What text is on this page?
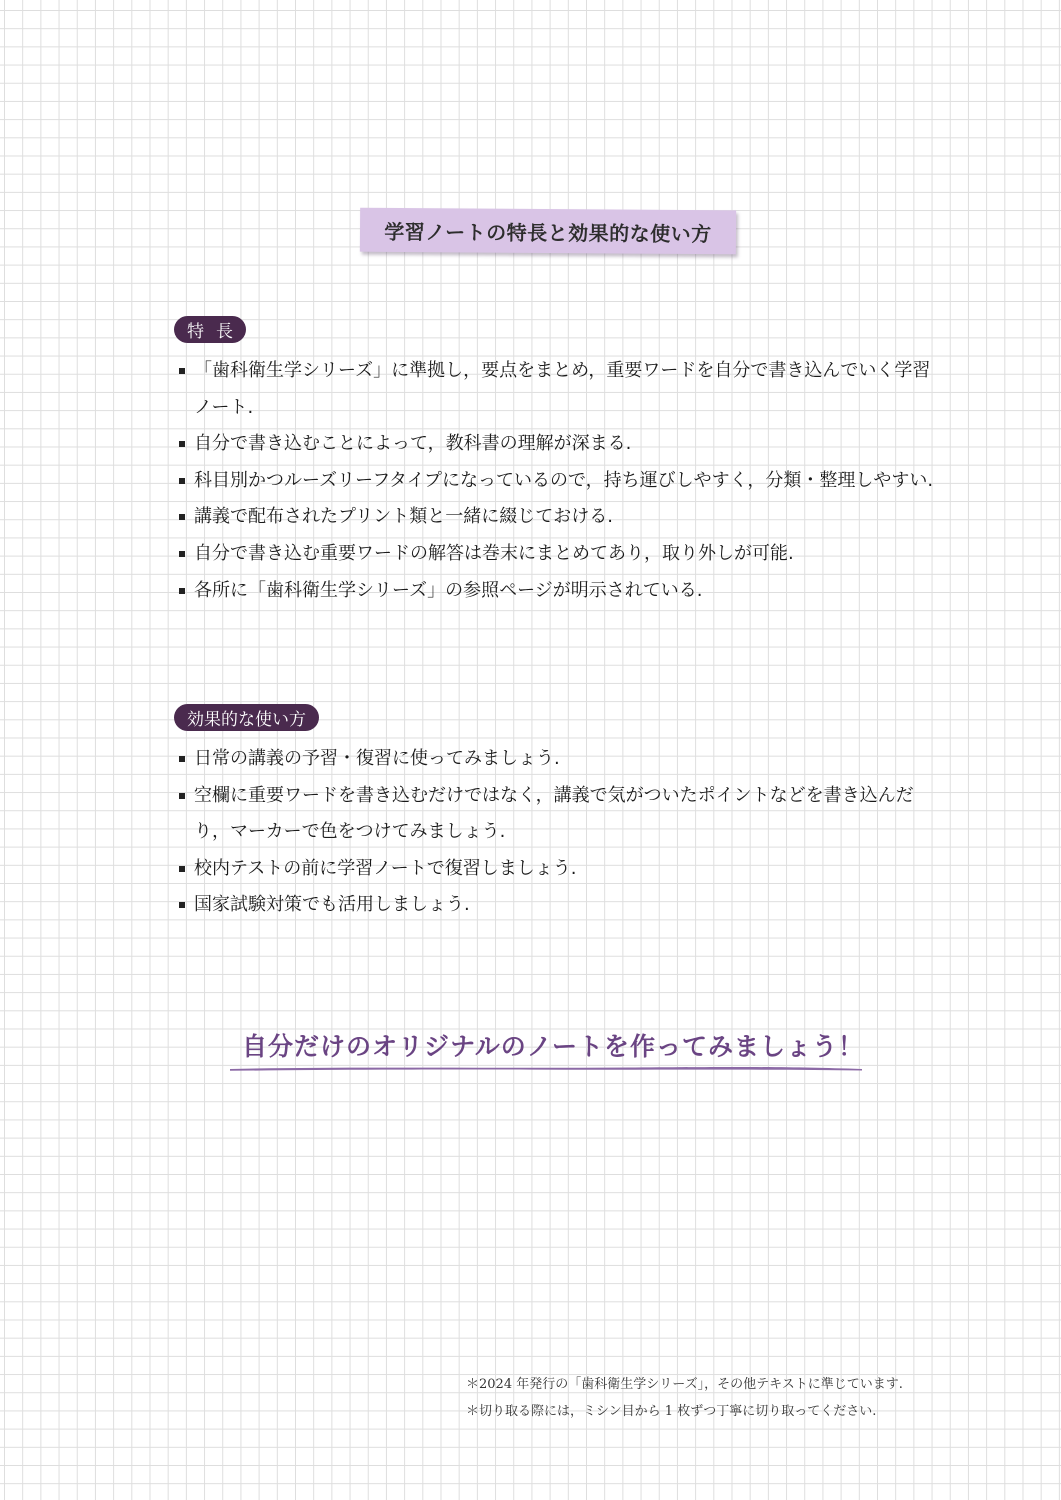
学習ノートの特長と効果的な使い方
特長
「歯科衛生学シリーズ」に準拠し，要点をまとめ，重要ワードを自分で書き込んでいく学習ノート.
自分で書き込むことによって，教科書の理解が深まる.
科目別かつルーズリーフタイプになっているので，持ち運びしやすく，分類・整理しやすい.
講義で配布されたプリント類と一緒に綴じておける.
自分で書き込む重要ワードの解答は巻末にまとめてあり，取り外しが可能.
各所に「歯科衛生学シリーズ」の参照ページが明示されている.
効果的な使い方
日常の講義の予習・復習に使ってみましょう.
空欄に重要ワードを書き込むだけではなく，講義で気がついたポイントなどを書き込んだり，マーカーで色をつけてみましょう.
校内テストの前に学習ノートで復習しましょう.
国家試験対策でも活用しましょう.
自分だけのオリジナルのノートを作ってみましょう！
＊2024 年発行の「歯科衛生学シリーズ」，その他テキストに準じています.
＊切り取る際には，ミシン目から 1 枚ずつ丁寧に切り取ってください.
